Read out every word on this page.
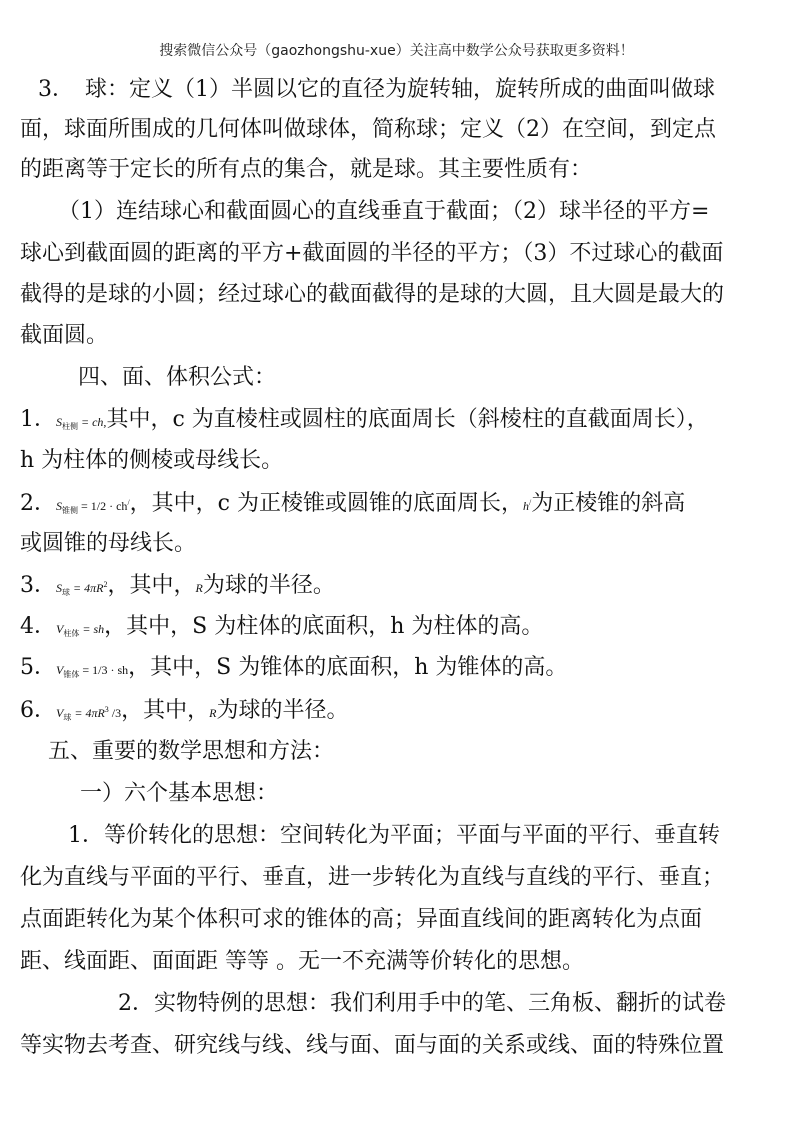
搜索微信公众号（gaozhongshu-xue）关注高中数学公众号获取更多资料！
3．　球：定义（1）半圆以它的直径为旋转轴，旋转所成的曲面叫做球
面，球面所围成的几何体叫做球体，简称球；定义（2）在空间，到定点
的距离等于定长的所有点的集合，就是球。其主要性质有：
（1）连结球心和截面圆心的直线垂直于截面；（2）球半径的平方=
球心到截面圆的距离的平方+截面圆的半径的平方；（3）不过球心的截面
截得的是球的小圆；经过球心的截面截得的是球的大圆，且大圆是最大的
截面圆。
四、面、体积公式：
1．$S_{柱侧}$ = ch,其中，c 为直棱柱或圆柱的底面周长（斜棱柱的直截面周长），
h 为柱体的侧棱或母线长。
2．$S_{锥侧} = 1/2 \cdot ch^/$，其中，c 为正棱锥或圆锥的底面周长，h/为正棱锥的斜高
或圆锥的母线长。
3．$S_球 = 4\pi R^2$，其中，R为球的半径。
4．$V_{柱体}$ = sh，其中，S 为柱体的底面积，h 为柱体的高。
5．$V_{锥体} = 1/3$ · sh，其中，S 为锥体的底面积，h 为锥体的高。
6．$V_球 = 4\pi R^3$ /3，其中，R为球的半径。
五、重要的数学思想和方法：
一）六个基本思想：
1．等价转化的思想：空间转化为平面；平面与平面的平行、垂直转
化为直线与平面的平行、垂直，进一步转化为直线与直线的平行、垂直；
点面距转化为某个体积可求的锥体的高；异面直线间的距离转化为点面
距、线面距、面面距 等等 。无一不充满等价转化的思想。
2．实物特例的思想：我们利用手中的笔、三角板、翻折的试卷
等实物去考查、研究线与线、线与面、面与面的关系或线、面的特殊位置
